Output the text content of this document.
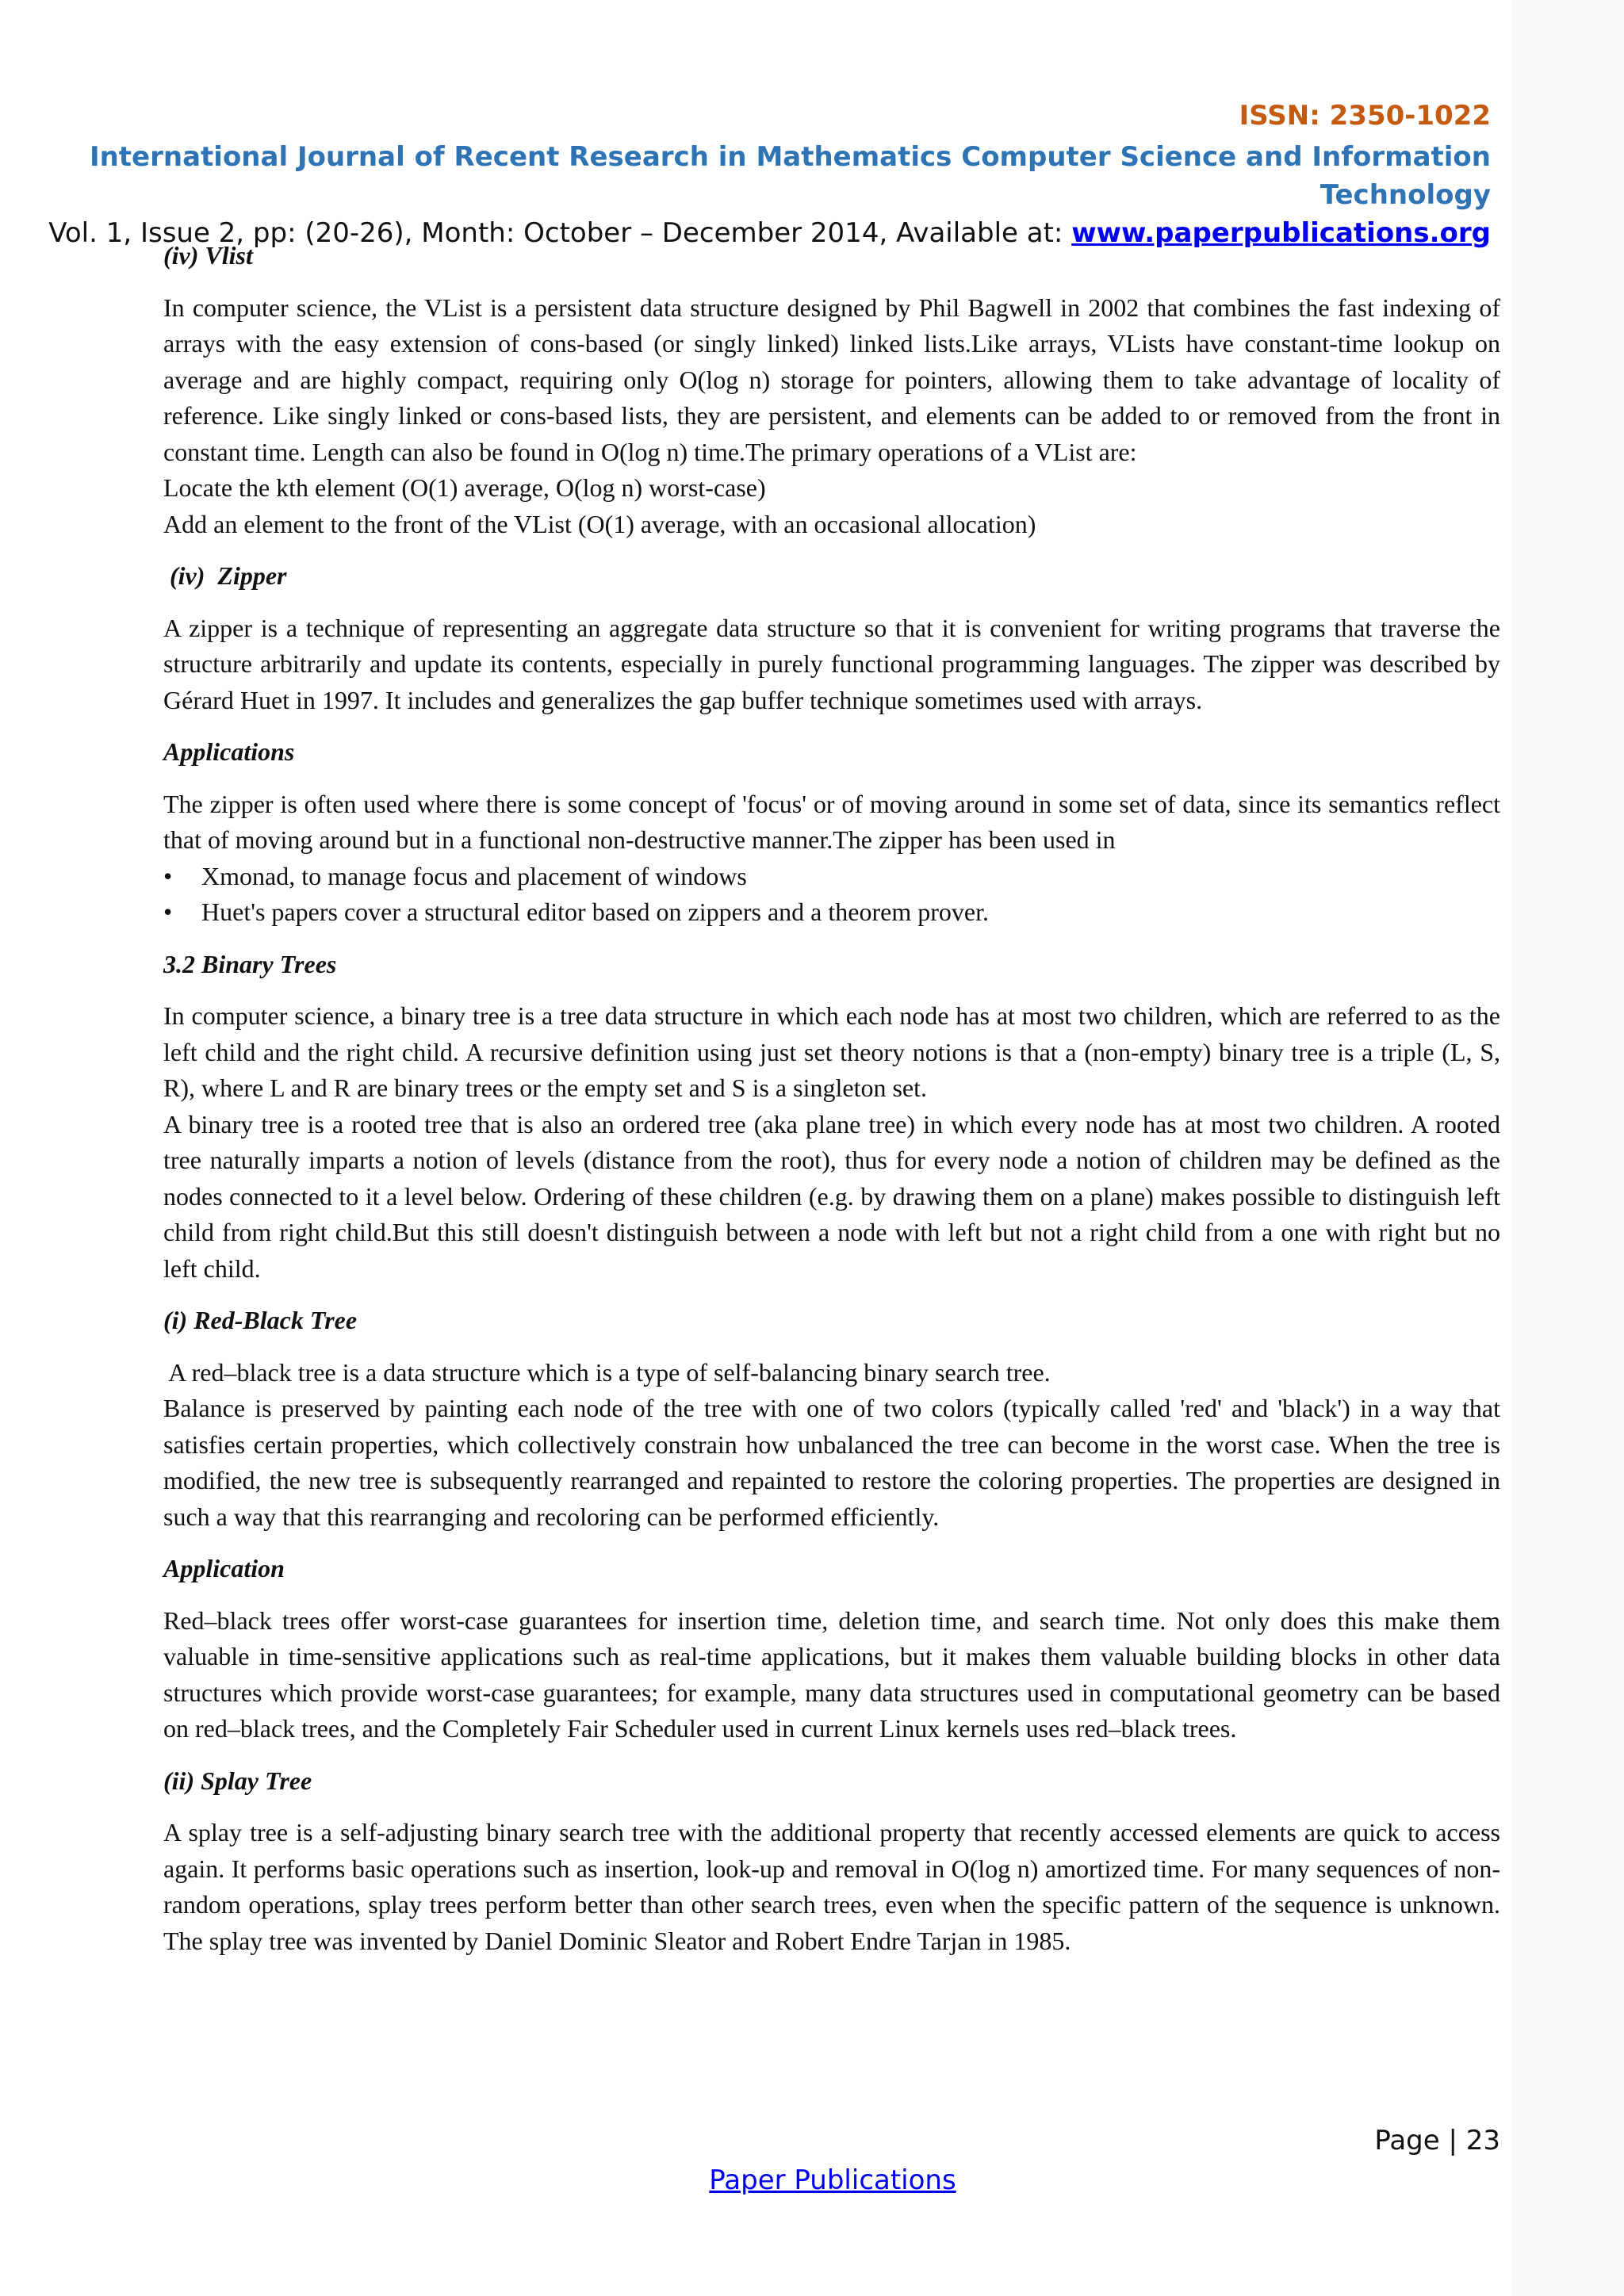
ISSN: 2350-1022
International Journal of Recent Research in Mathematics Computer Science and Information Technology
Vol. 1, Issue 2, pp: (20-26), Month: October – December 2014, Available at: www.paperpublications.org

(iv) Vlist

In computer science, the VList is a persistent data structure designed by Phil Bagwell in 2002 that combines the fast indexing of arrays with the easy extension of cons-based (or singly linked) linked lists.Like arrays, VLists have constant-time lookup on average and are highly compact, requiring only O(log n) storage for pointers, allowing them to take advantage of locality of reference. Like singly linked or cons-based lists, they are persistent, and elements can be added to or removed from the front in constant time. Length can also be found in O(log n) time.The primary operations of a VList are:

Locate the kth element (O(1) average, O(log n) worst-case)

Add an element to the front of the VList (O(1) average, with an occasional allocation)

(iv)  Zipper

A zipper is a technique of representing an aggregate data structure so that it is convenient for writing programs that traverse the structure arbitrarily and update its contents, especially in purely functional programming languages. The zipper was described by Gérard Huet in 1997. It includes and generalizes the gap buffer technique sometimes used with arrays.

Applications

The zipper is often used where there is some concept of 'focus' or of moving around in some set of data, since its semantics reflect that of moving around but in a functional non-destructive manner.The zipper has been used in

• Xmonad, to manage focus and placement of windows
• Huet's papers cover a structural editor based on zippers and a theorem prover.

3.2 Binary Trees

In computer science, a binary tree is a tree data structure in which each node has at most two children, which are referred to as the left child and the right child. A recursive definition using just set theory notions is that a (non-empty) binary tree is a triple (L, S, R), where L and R are binary trees or the empty set and S is a singleton set.

A binary tree is a rooted tree that is also an ordered tree (aka plane tree) in which every node has at most two children. A rooted tree naturally imparts a notion of levels (distance from the root), thus for every node a notion of children may be defined as the nodes connected to it a level below. Ordering of these children (e.g. by drawing them on a plane) makes possible to distinguish left child from right child.But this still doesn't distinguish between a node with left but not a right child from a one with right but no left child.

(i) Red-Black Tree

A red–black tree is a data structure which is a type of self-balancing binary search tree.

Balance is preserved by painting each node of the tree with one of two colors (typically called 'red' and 'black') in a way that satisfies certain properties, which collectively constrain how unbalanced the tree can become in the worst case. When the tree is modified, the new tree is subsequently rearranged and repainted to restore the coloring properties. The properties are designed in such a way that this rearranging and recoloring can be performed efficiently.

Application

Red–black trees offer worst-case guarantees for insertion time, deletion time, and search time. Not only does this make them valuable in time-sensitive applications such as real-time applications, but it makes them valuable building blocks in other data structures which provide worst-case guarantees; for example, many data structures used in computational geometry can be based on red–black trees, and the Completely Fair Scheduler used in current Linux kernels uses red–black trees.

(ii) Splay Tree

A splay tree is a self-adjusting binary search tree with the additional property that recently accessed elements are quick to access again. It performs basic operations such as insertion, look-up and removal in O(log n) amortized time. For many sequences of non-random operations, splay trees perform better than other search trees, even when the specific pattern of the sequence is unknown. The splay tree was invented by Daniel Dominic Sleator and Robert Endre Tarjan in 1985.

Page | 23
Paper Publications
